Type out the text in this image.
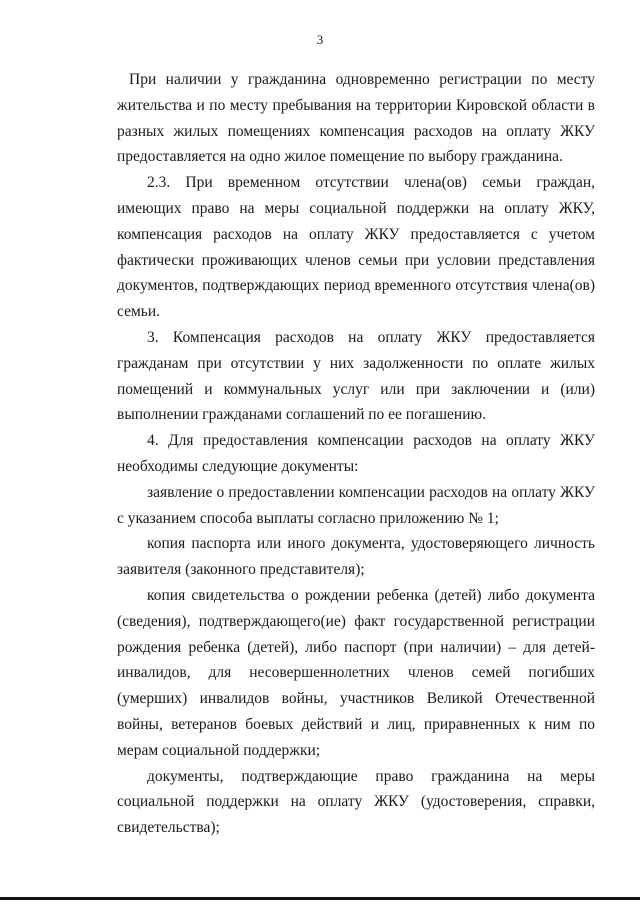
3

При наличии у гражданина одновременно регистрации по месту жительства и по месту пребывания на территории Кировской области в разных жилых помещениях компенсация расходов на оплату ЖКУ предоставляется на одно жилое помещение по выбору гражданина.

2.3. При временном отсутствии члена(ов) семьи граждан, имеющих право на меры социальной поддержки на оплату ЖКУ, компенсация расходов на оплату ЖКУ предоставляется с учетом фактически проживающих членов семьи при условии представления документов, подтверждающих период временного отсутствия члена(ов) семьи.

3. Компенсация расходов на оплату ЖКУ предоставляется гражданам при отсутствии у них задолженности по оплате жилых помещений и коммунальных услуг или при заключении и (или) выполнении гражданами соглашений по ее погашению.

4. Для предоставления компенсации расходов на оплату ЖКУ необходимы следующие документы:

заявление о предоставлении компенсации расходов на оплату ЖКУ с указанием способа выплаты согласно приложению № 1;

копия паспорта или иного документа, удостоверяющего личность заявителя (законного представителя);

копия свидетельства о рождении ребенка (детей) либо документа (сведения), подтверждающего(ие) факт государственной регистрации рождения ребенка (детей), либо паспорт (при наличии) – для детей-инвалидов, для несовершеннолетних членов семей погибших (умерших) инвалидов войны, участников Великой Отечественной войны, ветеранов боевых действий и лиц, приравненных к ним по мерам социальной поддержки;

документы, подтверждающие право гражданина на меры социальной поддержки на оплату ЖКУ (удостоверения, справки, свидетельства);
